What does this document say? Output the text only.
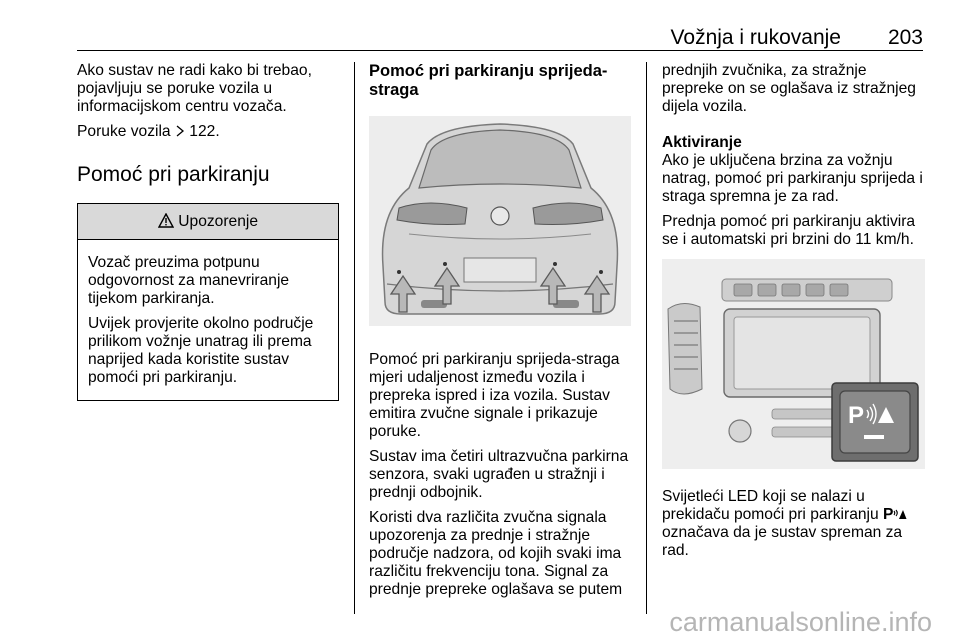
Vožnja i rukovanje 203

Ako sustav ne radi kako bi trebao, pojavljuju se poruke vozila u informacijskom centru vozača.

Poruke vozila 122.

Pomoć pri parkiranju
Upozorenje

Vozač preuzima potpunu odgovornost za manevriranje tijekom parkiranja.

Uvijek provjerite okolno područje prilikom vožnje unatrag ili prema naprijed kada koristite sustav pomoći pri parkiranju.

Pomoć pri parkiranju sprijeda-straga

Pomoć pri parkiranju sprijeda-straga mjeri udaljenost između vozila i prepreka ispred i iza vozila. Sustav emitira zvučne signale i prikazuje poruke.

Sustav ima četiri ultrazvučna parkirna senzora, svaki ugrađen u stražnji i prednji odbojnik.

Koristi dva različita zvučna signala upozorenja za prednje i stražnje područje nadzora, od kojih svaki ima različitu frekvenciju tona. Signal za prednje prepreke oglašava se putem

prednjih zvučnika, za stražnje prepreke on se oglašava iz stražnjeg dijela vozila.

Aktiviranje

Ako je uključena brzina za vožnju natrag, pomoć pri parkiranju sprijeda i straga spremna je za rad.

Prednja pomoć pri parkiranju aktivira se i automatski pri brzini do 11 km/h.

P

Svijetleći LED koji se nalazi u prekidaču pomoći pri parkiranju P označava da je sustav spreman za rad.

carmanualsonline.info
